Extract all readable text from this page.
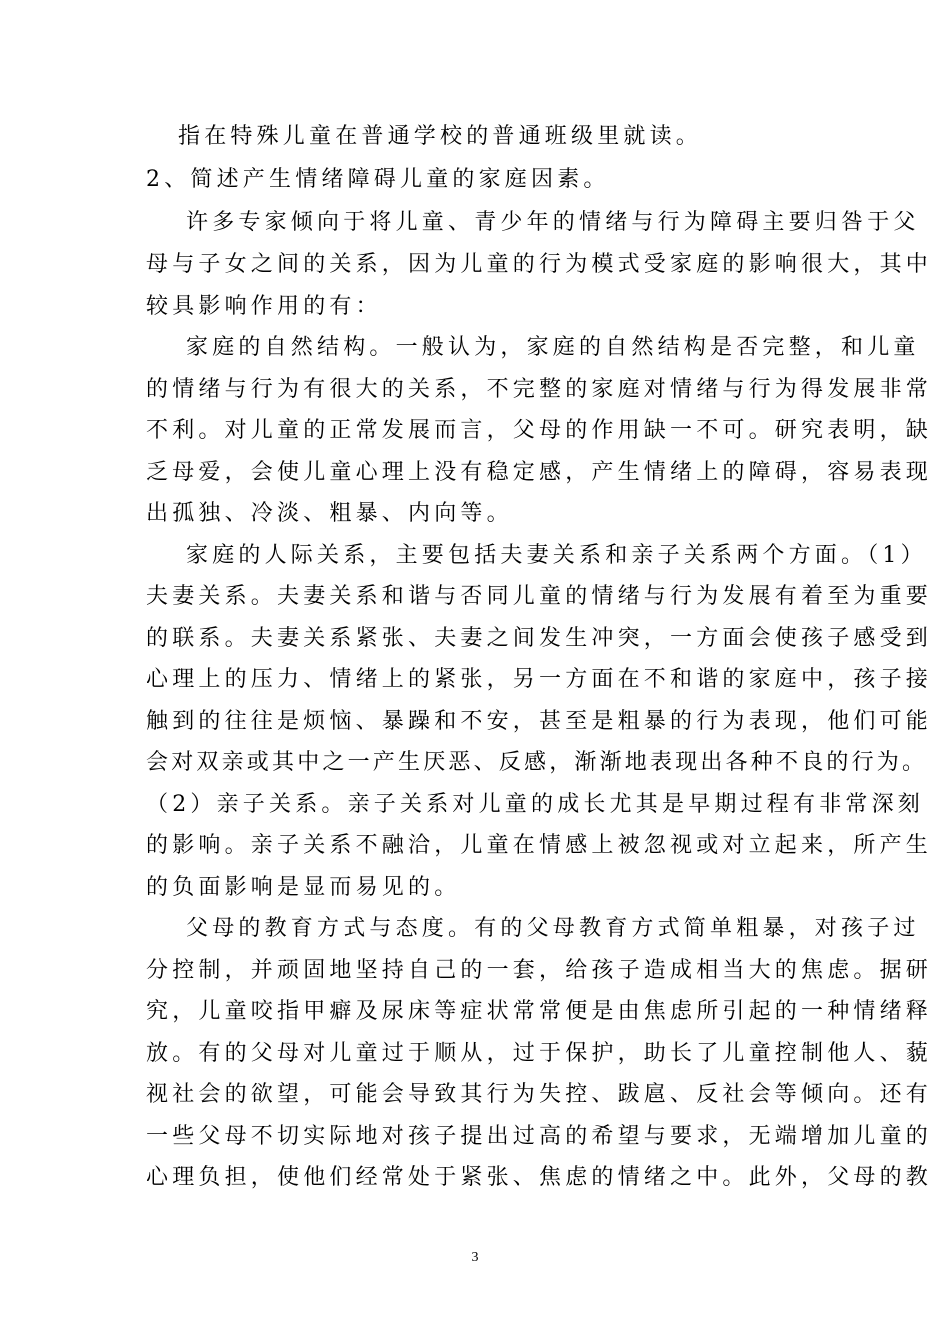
指在特殊儿童在普通学校的普通班级里就读。
2、简述产生情绪障碍儿童的家庭因素。
许多专家倾向于将儿童、青少年的情绪与行为障碍主要归咎于父
母与子女之间的关系，因为儿童的行为模式受家庭的影响很大，其中
较具影响作用的有：
家庭的自然结构。一般认为，家庭的自然结构是否完整，和儿童
的情绪与行为有很大的关系，不完整的家庭对情绪与行为得发展非常
不利。对儿童的正常发展而言，父母的作用缺一不可。研究表明，缺
乏母爱，会使儿童心理上没有稳定感，产生情绪上的障碍，容易表现
出孤独、冷淡、粗暴、内向等。
家庭的人际关系，主要包括夫妻关系和亲子关系两个方面。（1）
夫妻关系。夫妻关系和谐与否同儿童的情绪与行为发展有着至为重要
的联系。夫妻关系紧张、夫妻之间发生冲突，一方面会使孩子感受到
心理上的压力、情绪上的紧张，另一方面在不和谐的家庭中，孩子接
触到的往往是烦恼、暴躁和不安，甚至是粗暴的行为表现，他们可能
会对双亲或其中之一产生厌恶、反感，渐渐地表现出各种不良的行为。
（2）亲子关系。亲子关系对儿童的成长尤其是早期过程有非常深刻
的影响。亲子关系不融洽，儿童在情感上被忽视或对立起来，所产生
的负面影响是显而易见的。
父母的教育方式与态度。有的父母教育方式简单粗暴，对孩子过
分控制，并顽固地坚持自己的一套，给孩子造成相当大的焦虑。据研
究，儿童咬指甲癖及尿床等症状常常便是由焦虑所引起的一种情绪释
放。有的父母对儿童过于顺从，过于保护，助长了儿童控制他人、藐
视社会的欲望，可能会导致其行为失控、跋扈、反社会等倾向。还有
一些父母不切实际地对孩子提出过高的希望与要求，无端增加儿童的
心理负担，使他们经常处于紧张、焦虑的情绪之中。此外，父母的教
3
